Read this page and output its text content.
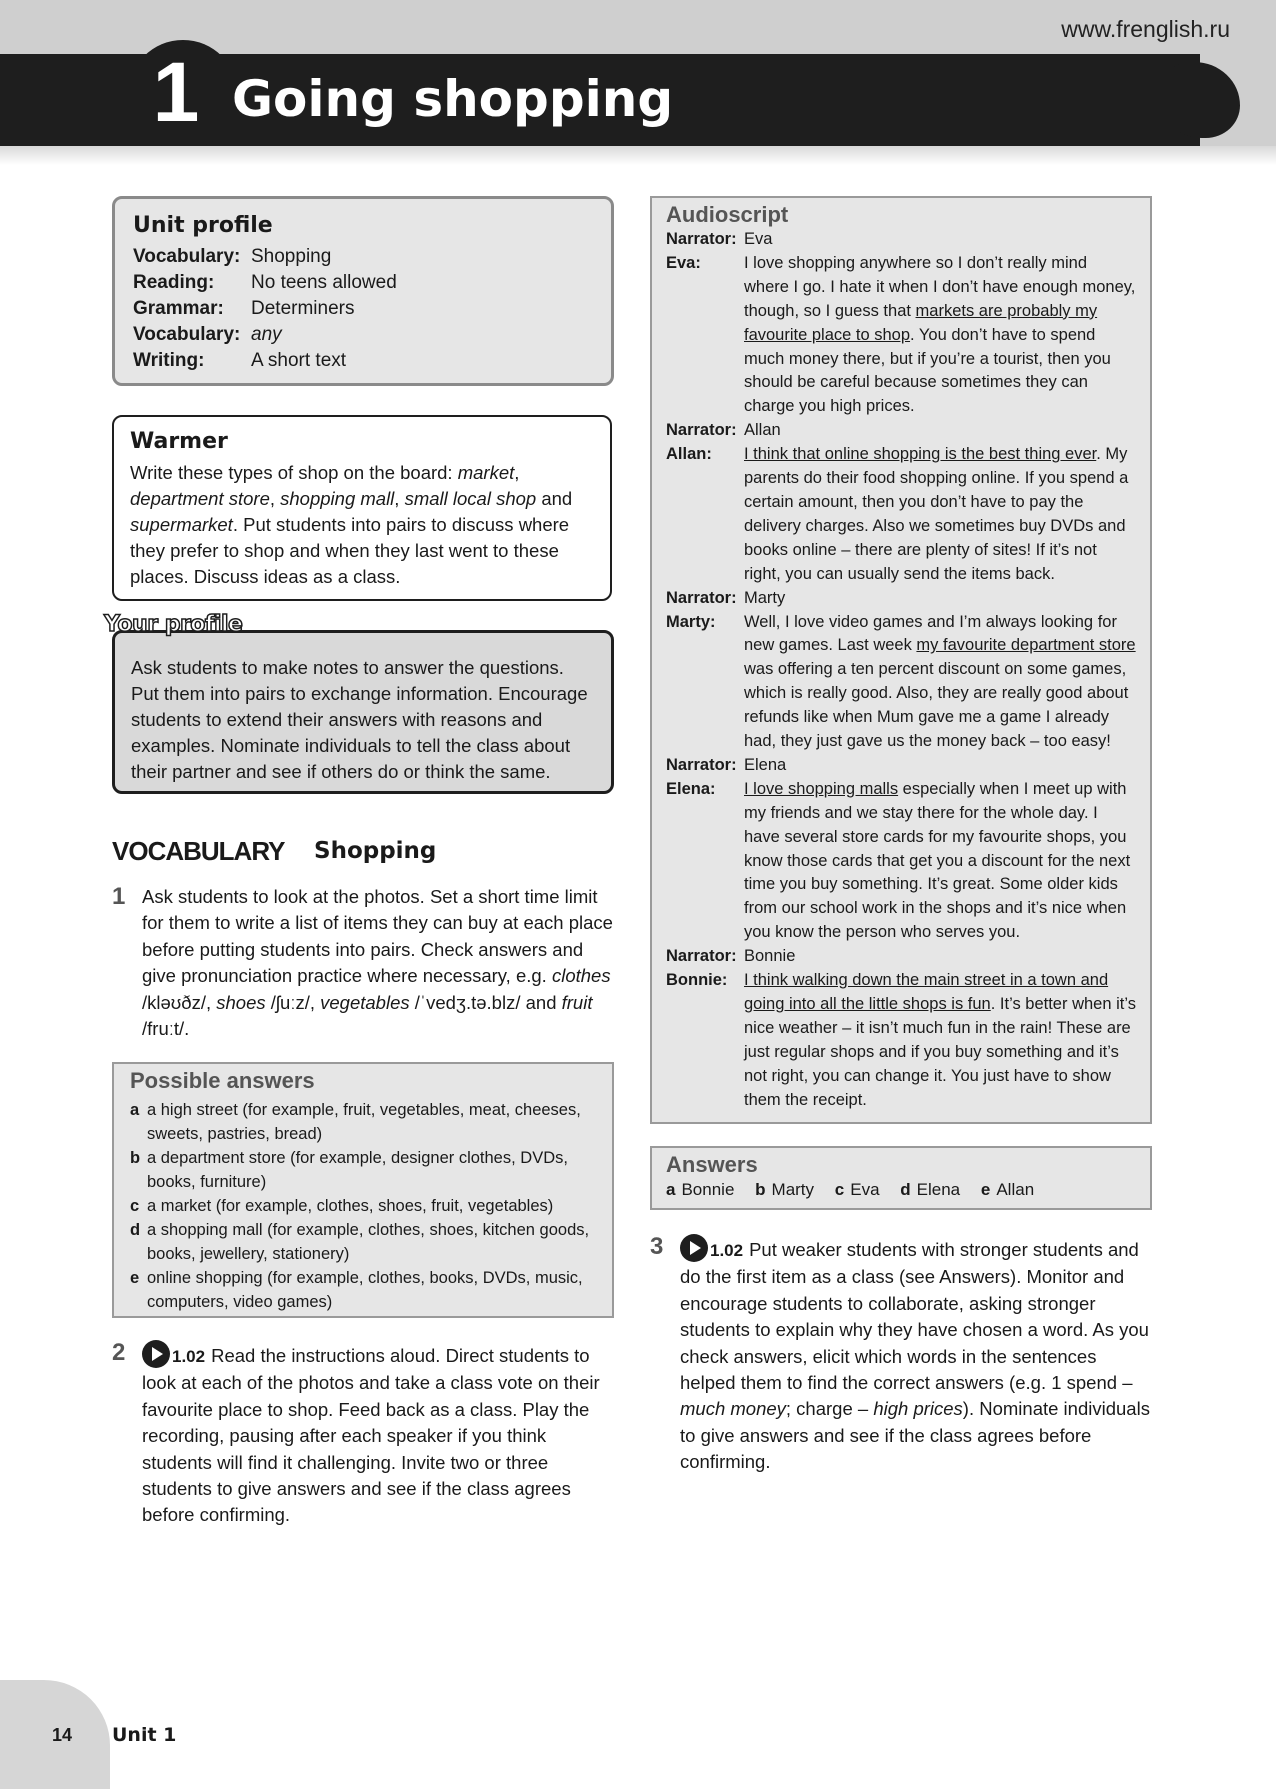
www.frenglish.ru
1 Going shopping
Unit profile
Vocabulary: Shopping
Reading:	No teens allowed
Grammar:	Determiners
Vocabulary: any
Writing:	A short text
Warmer

Write these types of shop on the board: market, department store, shopping mall, small local shop and supermarket. Put students into pairs to discuss where they prefer to shop and when they last went to these places. Discuss ideas as a class.

Ask students to make notes to answer the questions. Put them into pairs to exchange information. Encourage students to extend their answers with reasons and examples. Nominate individuals to tell the class about their partner and see if others do or think the same.

Your profile
VOCABULARY Shopping
1 Ask students to look at the photos. Set a short time limit for them to write a list of items they can buy at each place before putting students into pairs. Check answers and give pronunciation practice where necessary, e.g. clothes /kləʊðz/, shoes /ʃuːz/, vegetables /ˈvedʒ.tə.blz/ and fruit /fruːt/.

Possible answers
a a high street (for example, fruit, vegetables, meat, cheeses, sweets, pastries, bread)
b a department store (for example, designer clothes, DVDs, books, furniture)
c a market (for example, clothes, shoes, fruit, vegetables)
d a shopping mall (for example, clothes, shoes, kitchen goods, books, jewellery, stationery)
e online shopping (for example, clothes, books, DVDs, music, computers, video games)
2	1.02 Read the instructions aloud. Direct students to look at each of the photos and take a class vote on their favourite place to shop. Feed back as a class. Play the recording, pausing after each speaker if you think students will find it challenging. Invite two or three students to give answers and see if the class agrees before confirming.

Audioscript
Narrator: Eva
Eva:	I love shopping anywhere so I don’t really mind where I go. I hate it when I don’t have enough money, though, so I guess that markets are probably my favourite place to shop. You don’t have to spend much money there, but if you’re a tourist, then you should be careful because sometimes they can charge you high prices.
Narrator: Allan
Allan:	I think that online shopping is the best thing ever. My parents do their food shopping online. If you spend a certain amount, then you don’t have to pay the delivery charges. Also we sometimes buy DVDs and books online – there are plenty of sites! If it’s not right, you can usually send the items back.
Narrator: Marty
Marty:	Well, I love video games and I’m always looking for new games. Last week my favourite department store was offering a ten percent discount on some games, which is really good. Also, they are really good about refunds like when Mum gave me a game I already had, they just gave us the money back – too easy!
Narrator: Elena
Elena:	I love shopping malls especially when I meet up with my friends and we stay there for the whole day. I have several store cards for my favourite shops, you know those cards that get you a discount for the next time you buy something. It’s great. Some older kids from our school work in the shops and it’s nice when you know the person who serves you.
Narrator: Bonnie
Bonnie:	I think walking down the main street in a town and going into all the little shops is fun. It’s better when it’s nice weather – it isn’t much fun in the rain! These are just regular shops and if you buy something and it’s not right, you can change it. You just have to show them the receipt.
Answers
a Bonnie b Marty c Eva d Elena e Allan
3	1.02 Put weaker students with stronger students and do the first item as a class (see Answers). Monitor and encourage students to collaborate, asking stronger students to explain why they have chosen a word. As you check answers, elicit which words in the sentences helped them to find the correct answers (e.g. 1 spend – much money; charge – high prices). Nominate individuals to give answers and see if the class agrees before confirming.

14 Unit 1
